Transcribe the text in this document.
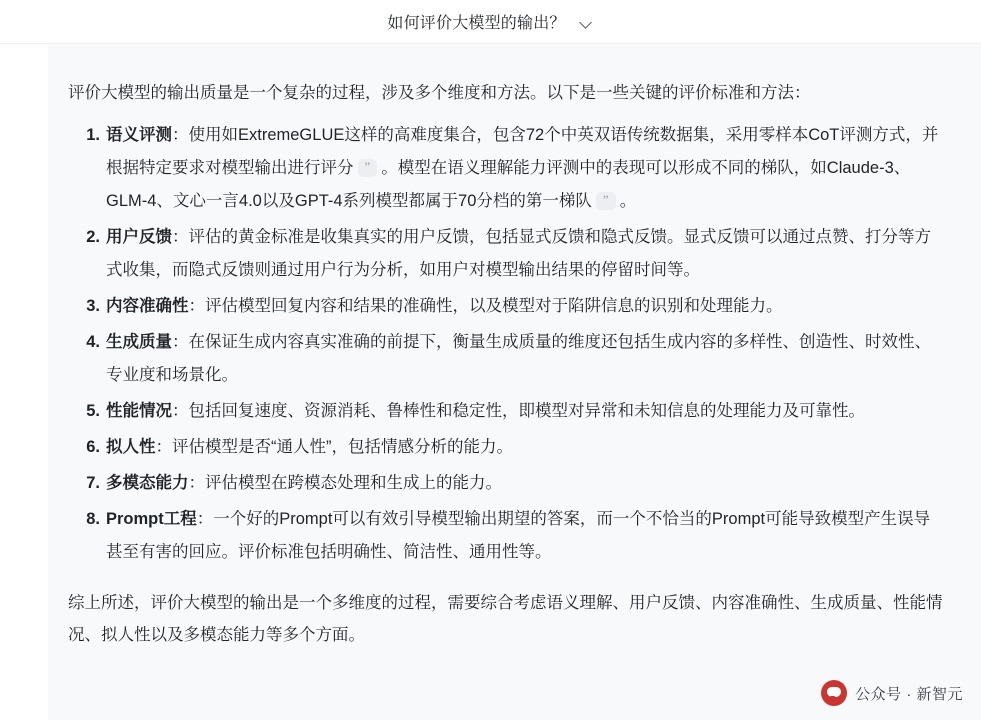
如何评价大模型的输出？

评价大模型的输出质量是一个复杂的过程，涉及多个维度和方法。以下是一些关键的评价标准和方法：

语义评测：使用如ExtremeGLUE这样的高难度集合，包含72个中英双语传统数据集，采用零样本CoT评测方式，并根据特定要求对模型输出进行评分 ” 。模型在语义理解能力评测中的表现可以形成不同的梯队，如Claude-3、GLM-4、文心一言4.0以及GPT-4系列模型都属于70分档的第一梯队 ” 。
用户反馈：评估的黄金标准是收集真实的用户反馈，包括显式反馈和隐式反馈。显式反馈可以通过点赞、打分等方式收集，而隐式反馈则通过用户行为分析，如用户对模型输出结果的停留时间等。
内容准确性：评估模型回复内容和结果的准确性，以及模型对于陷阱信息的识别和处理能力。
生成质量：在保证生成内容真实准确的前提下，衡量生成质量的维度还包括生成内容的多样性、创造性、时效性、专业度和场景化。
性能情况：包括回复速度、资源消耗、鲁棒性和稳定性，即模型对异常和未知信息的处理能力及可靠性。
拟人性：评估模型是否“通人性”，包括情感分析的能力。
多模态能力：评估模型在跨模态处理和生成上的能力。
Prompt工程：一个好的Prompt可以有效引导模型输出期望的答案，而一个不恰当的Prompt可能导致模型产生误导甚至有害的回应。评价标准包括明确性、简洁性、通用性等。

综上所述，评价大模型的输出是一个多维度的过程，需要综合考虑语义理解、用户反馈、内容准确性、生成质量、性能情况、拟人性以及多模态能力等多个方面。

公众号 · 新智元
